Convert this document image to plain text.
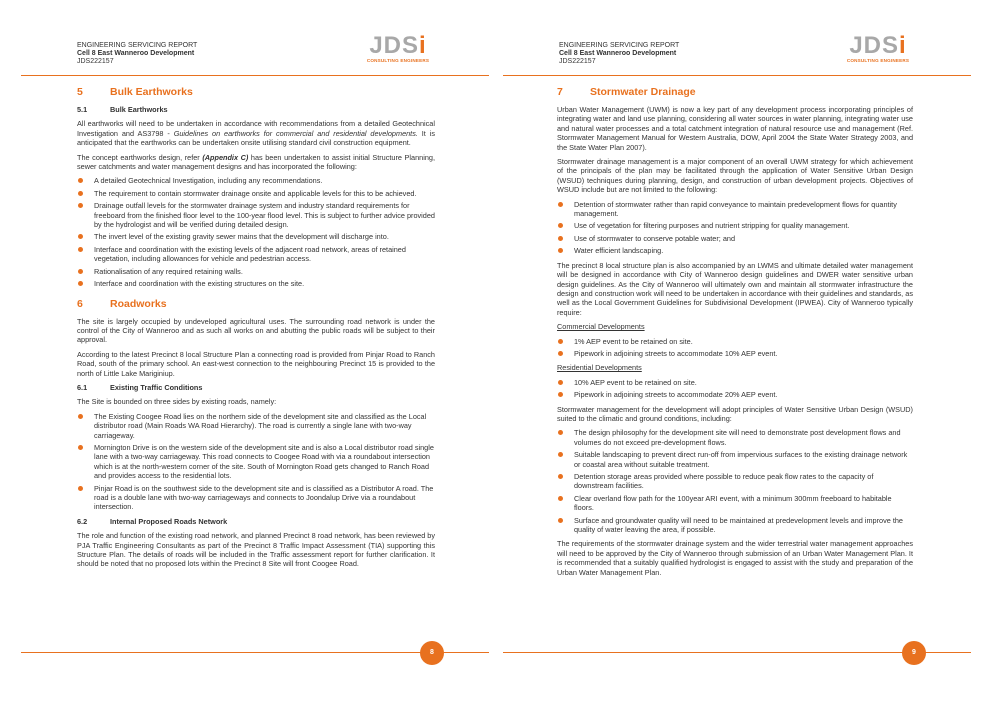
ENGINEERING SERVICING REPORT
Cell 8 East Wanneroo Development
JDS222157
JDSi
CONSULTING ENGINEERS
5	Bulk Earthworks
5.1	Bulk Earthworks

All earthworks will need to be undertaken in accordance with recommendations from a detailed Geotechnical Investigation and AS3798 - Guidelines on earthworks for commercial and residential developments. It is anticipated that the earthworks can be undertaken onsite utilising standard civil construction equipment.

The concept earthworks design, refer (Appendix C) has been undertaken to assist initial Structure Planning, sewer catchments and water management designs and has incorporated the following:

A detailed Geotechnical Investigation, including any recommendations.
The requirement to contain stormwater drainage onsite and applicable levels for this to be achieved.
Drainage outfall levels for the stormwater drainage system and industry standard requirements for freeboard from the finished floor level to the 100-year flood level. This is subject to further advice provided by the hydrologist and will be verified during detailed design.
The invert level of the existing gravity sewer mains that the development will discharge into.
Interface and coordination with the existing levels of the adjacent road network, areas of retained vegetation, including allowances for vehicle and pedestrian access.
Rationalisation of any required retaining walls.
Interface and coordination with the existing structures on the site.
6	Roadworks

The site is largely occupied by undeveloped agricultural uses. The surrounding road network is under the control of the City of Wanneroo and as such all works on and abutting the public roads will be subject to their approval.

According to the latest Precinct 8 local Structure Plan a connecting road is provided from Pinjar Road to Ranch Road, south of the primary school. An east-west connection to the neighbouring Precinct 15 is provided to the north of Little Lake Mariginiup.

6.1	Existing Traffic Conditions

The Site is bounded on three sides by existing roads, namely:

The Existing Coogee Road lies on the northern side of the development site and classified as the Local distributor road (Main Roads WA Road Hierarchy). The road is currently a single lane with two-way carriageway.
Mornington Drive is on the western side of the development site and is also a Local distributor road single lane with a two-way carriageway. This road connects to Coogee Road with via a roundabout intersection which is at the north-western corner of the site. South of Mornington Road gets changed to Ranch Road and provides access to the residential lots.
Pinjar Road is on the southwest side to the development site and is classified as a Distributor A road. The road is a double lane with two-way carriageways and connects to Joondalup Drive via a roundabout intersection.
6.2	Internal Proposed Roads Network

The role and function of the existing road network, and planned Precinct 8 road network, has been reviewed by PJA Traffic Engineering Consultants as part of the Precinct 8 Traffic Impact Assessment (TIA) supporting this Structure Plan. The details of roads will be included in the Traffic assessment report for further clarification. It should be noted that no proposed lots within the Precinct 8 Site will front Coogee Road.

8
ENGINEERING SERVICING REPORT
Cell 8 East Wanneroo Development
JDS222157
JDSi
CONSULTING ENGINEERS
7	Stormwater Drainage

Urban Water Management (UWM) is now a key part of any development process incorporating principles of integrating water and land use planning, considering all water sources in water planning, integrating water use and natural water processes and a total catchment integration of natural resource use and management (Ref. Stormwater Management Manual for Western Australia, DOW, April 2004 the State Water Strategy 2003, and the State Water Plan 2007).

Stormwater drainage management is a major component of an overall UWM strategy for which achievement of the principals of the plan may be facilitated through the application of Water Sensitive Urban Design (WSUD) techniques during planning, design, and construction of urban development projects. Objectives of WSUD include but are not limited to the following:

Detention of stormwater rather than rapid conveyance to maintain predevelopment flows for quantity management.
Use of vegetation for filtering purposes and nutrient stripping for quality management.
Use of stormwater to conserve potable water; and
Water efficient landscaping.

The precinct 8 local structure plan is also accompanied by an LWMS and ultimate detailed water management will be designed in accordance with City of Wanneroo design guidelines and DWER water sensitive urban design guidelines. As the City of Wanneroo will ultimately own and maintain all stormwater infrastructure the design and construction work will need to be undertaken in accordance with their guidelines and standards, as well as the Local Government Guidelines for Subdivisional Development (IPWEA). City of Wanneroo typically require:

Commercial Developments
1% AEP event to be retained on site.
Pipework in adjoining streets to accommodate 10% AEP event.
Residential Developments
10% AEP event to be retained on site.
Pipework in adjoining streets to accommodate 20% AEP event.

Stormwater management for the development will adopt principles of Water Sensitive Urban Design (WSUD) suited to the climatic and ground conditions, including:

The design philosophy for the development site will need to demonstrate post development flows and volumes do not exceed pre-development flows.
Suitable landscaping to prevent direct run-off from impervious surfaces to the existing drainage network or coastal area without suitable treatment.
Detention storage areas provided where possible to reduce peak flow rates to the capacity of downstream facilities.
Clear overland flow path for the 100year ARI event, with a minimum 300mm freeboard to habitable floors.
Surface and groundwater quality will need to be maintained at predevelopment levels and improve the quality of water leaving the area, if possible.

The requirements of the stormwater drainage system and the wider terrestrial water management approaches will need to be approved by the City of Wanneroo through submission of an Urban Water Management Plan. It is recommended that a suitably qualified hydrologist is engaged to assist with the study and preparation of the Urban Water Management Plan.

9
